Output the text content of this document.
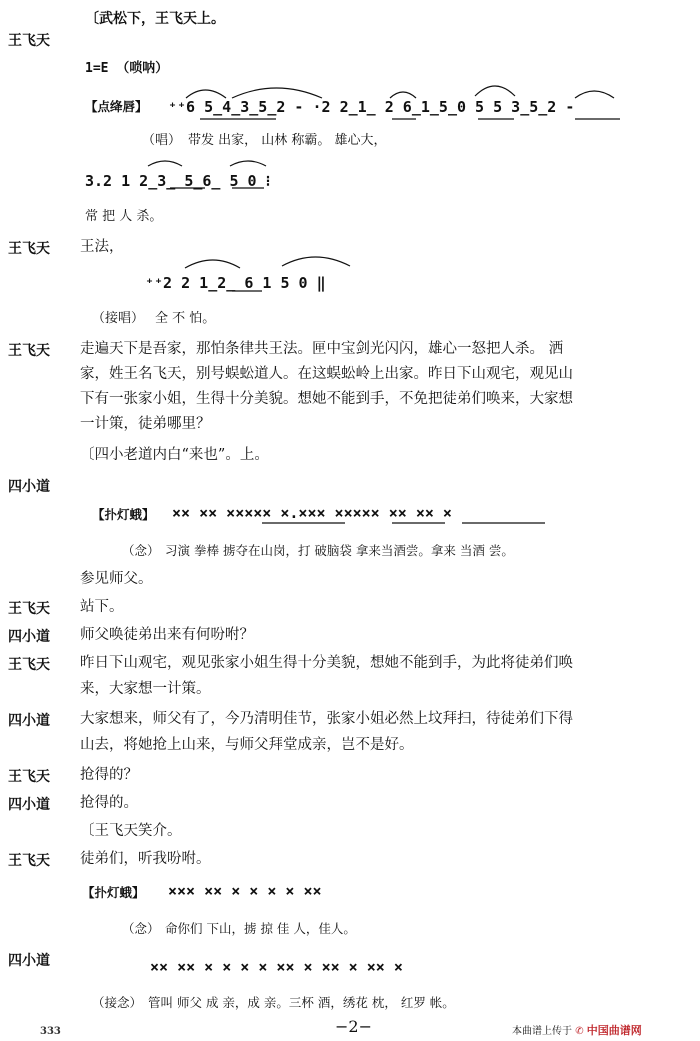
〔武松下，王飞天上。
王飞天
1=E （唢呐）
【点绛唇】 ⁺⁺6 5̲4̲3̲5̲2 - ·2 2̲1̲ 2 6̲1̲5̲0 5 5 3̲5̲2 -
（唱） 带发 出家， 山林 称霸。 雄心大，
3.2 1 2̲3̲ 5̲6̲ 5 0 ⁝
常 把 人 杀。
王飞天 王法，
⁺⁺2 2 1̲2̲ 6 1 5 0 ‖
（接唱） 全 不 怕。
王飞天 走遍天下是吾家，那怕条律共王法。匣中宝剑光闪闪，雄心一怒把人杀。 洒
家，姓王名飞天，别号蜈蚣道人。在这蜈蚣岭上出家。昨日下山观宅，观见山
下有一张家小姐，生得十分美貌。想她不能到手，不免把徒弟们唤来，大家想
一计策，徒弟哪里？
〔四小老道内白“来也”。上。
四小道
【扑灯蛾】 ×× ×× ××××× ×.××× ××××× ×× ×× ×
（念） 习演 拳棒 掳夺在山岗，打 破脑袋 拿来当酒尝。拿来 当酒 尝。
参见师父。
王飞天 站下。
四小道 师父唤徒弟出来有何吩咐？
王飞天 昨日下山观宅，观见张家小姐生得十分美貌，想她不能到手，为此将徒弟们唤
来，大家想一计策。
四小道 大家想来，师父有了，今乃清明佳节，张家小姐必然上坟拜扫，待徒弟们下得
山去，将她抢上山来，与师父拜堂成亲，岂不是好。
王飞天 抢得的？
四小道 抢得的。
〔王飞天笑介。
王飞天 徒弟们，听我吩咐。
【扑灯蛾】 ××× ×× × × × × ××
（念） 命你们 下山，掳 掠 佳 人，佳人。
四小道	×× ×× × × × × ×× × ×× × ×× ×
（接念） 管叫 师父 成 亲，成 亲。三杯 酒，绣花 枕， 红罗 帐。
333	−2−	本曲谱上传于 ✆ 中国曲谱网
